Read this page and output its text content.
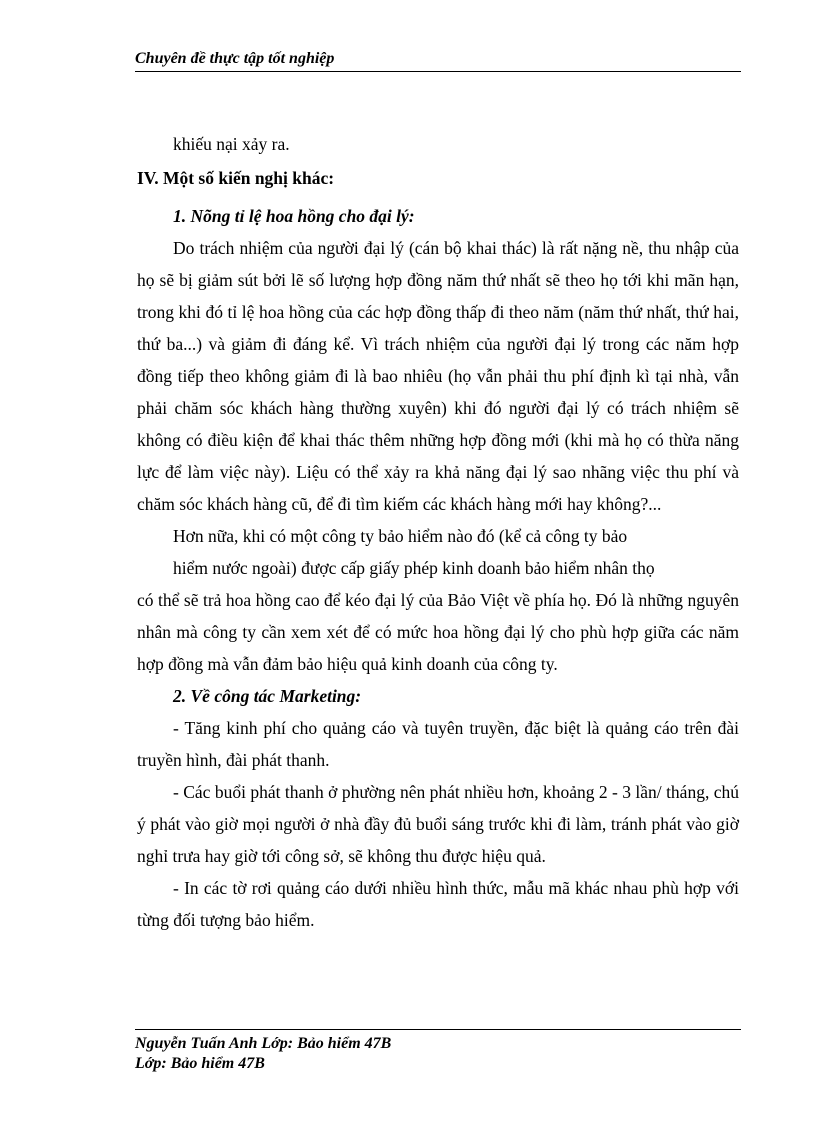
Chuyên đề thực tập tốt nghiệp

khiếu nại xảy ra.

IV. Một số kiến nghị khác:

1. Nõng tỉ lệ hoa hồng cho đại lý:

Do trách nhiệm của người đại lý (cán bộ khai thác) là rất nặng nề, thu nhập của họ sẽ bị giảm sút bởi lẽ số lượng hợp đồng năm thứ nhất sẽ theo họ tới khi mãn hạn, trong khi đó tỉ lệ hoa hồng của các hợp đồng thấp đi theo năm (năm thứ nhất, thứ hai, thứ ba...) và giảm đi đáng kể. Vì trách nhiệm của người đại lý trong các năm hợp đồng tiếp theo không giảm đi là bao nhiêu (họ vẫn phải thu phí định kì tại nhà, vẫn phải chăm sóc khách hàng thường xuyên) khi đó người đại lý có trách nhiệm sẽ không có điều kiện để khai thác thêm những hợp đồng mới (khi mà họ có thừa năng lực để làm việc này). Liệu có thể xảy ra khả năng đại lý sao nhãng việc thu phí và chăm sóc khách hàng cũ, để đi tìm kiếm các khách hàng mới hay không?...

Hơn nữa, khi có một công ty bảo hiểm nào đó (kể cả công ty bảo

hiểm nước ngoài) được cấp giấy phép kinh doanh bảo hiểm nhân thọ

có thể sẽ trả hoa hồng cao để kéo đại lý của Bảo Việt về phía họ. Đó là những nguyên nhân mà công ty cần xem xét để có mức hoa hồng đại lý cho phù hợp giữa các năm hợp đồng mà vẫn đảm bảo hiệu quả kinh doanh của công ty.

2. Về công tác Marketing:

- Tăng kinh phí cho quảng cáo và tuyên truyền, đặc biệt là quảng cáo trên đài truyền hình, đài phát thanh.

- Các buổi phát thanh ở phường nên phát nhiều hơn, khoảng 2 - 3 lần/ tháng, chú ý phát vào giờ mọi người ở nhà đầy đủ buổi sáng trước khi đi làm, tránh phát vào giờ nghỉ trưa hay giờ tới công sở, sẽ không thu được hiệu quả.

- In các tờ rơi quảng cáo dưới nhiều hình thức, mẫu mã khác nhau phù hợp với từng đối tượng bảo hiểm.

Nguyễn Tuấn Anh Lớp: Bảo hiểm 47B
Lớp: Bảo hiểm 47B
